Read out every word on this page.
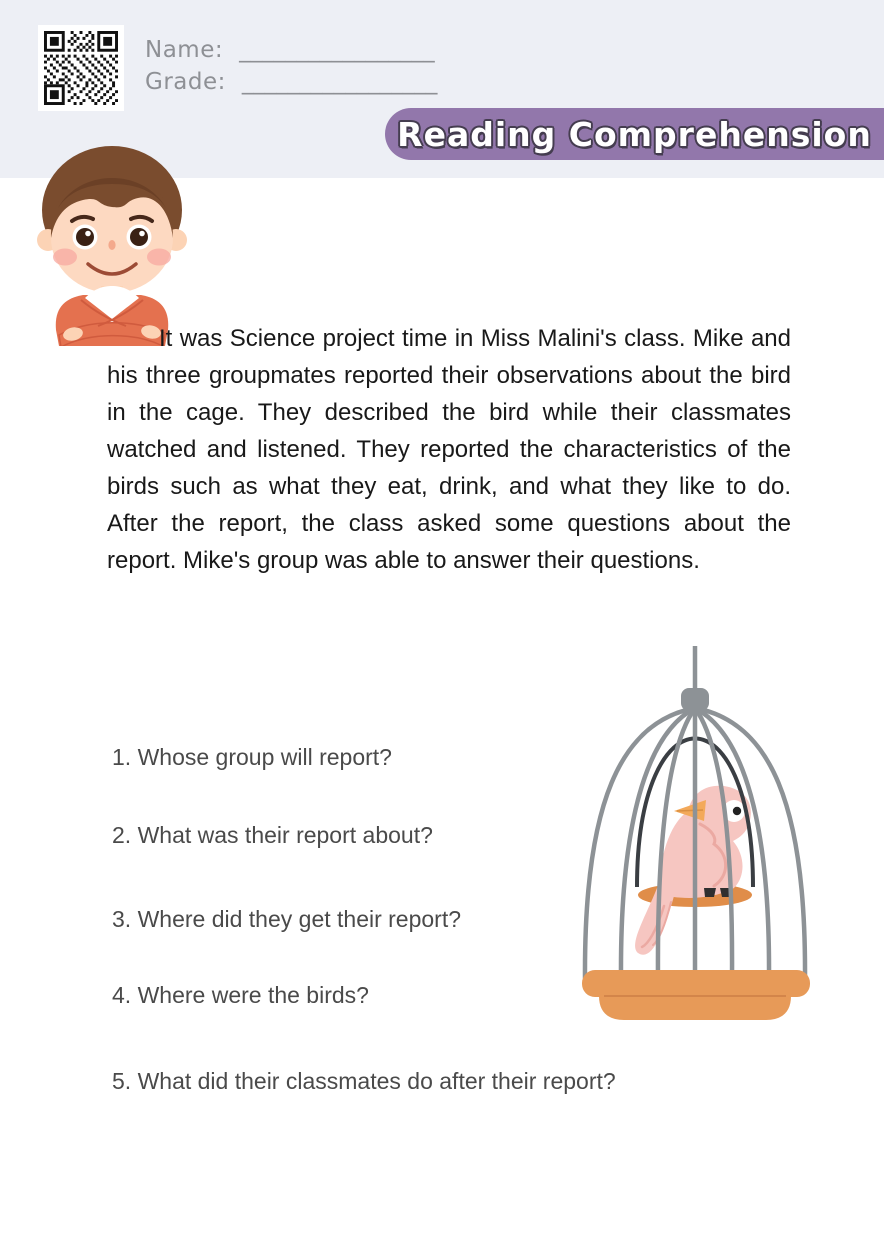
Name: _________________
Grade: _________________
Reading Comprehension

It was Science project time in Miss Malini's class. Mike and his three groupmates reported their observations about the bird in the cage. They described the bird while their classmates watched and listened. They reported the characteristics of the birds such as what they eat, drink, and what they like to do. After the report, the class asked some questions about the report. Mike's group was able to answer their questions.

1. Whose group will report?
2. What was their report about?
3. Where did they get their report?
4. Where were the birds?
5. What did their classmates do after their report?
